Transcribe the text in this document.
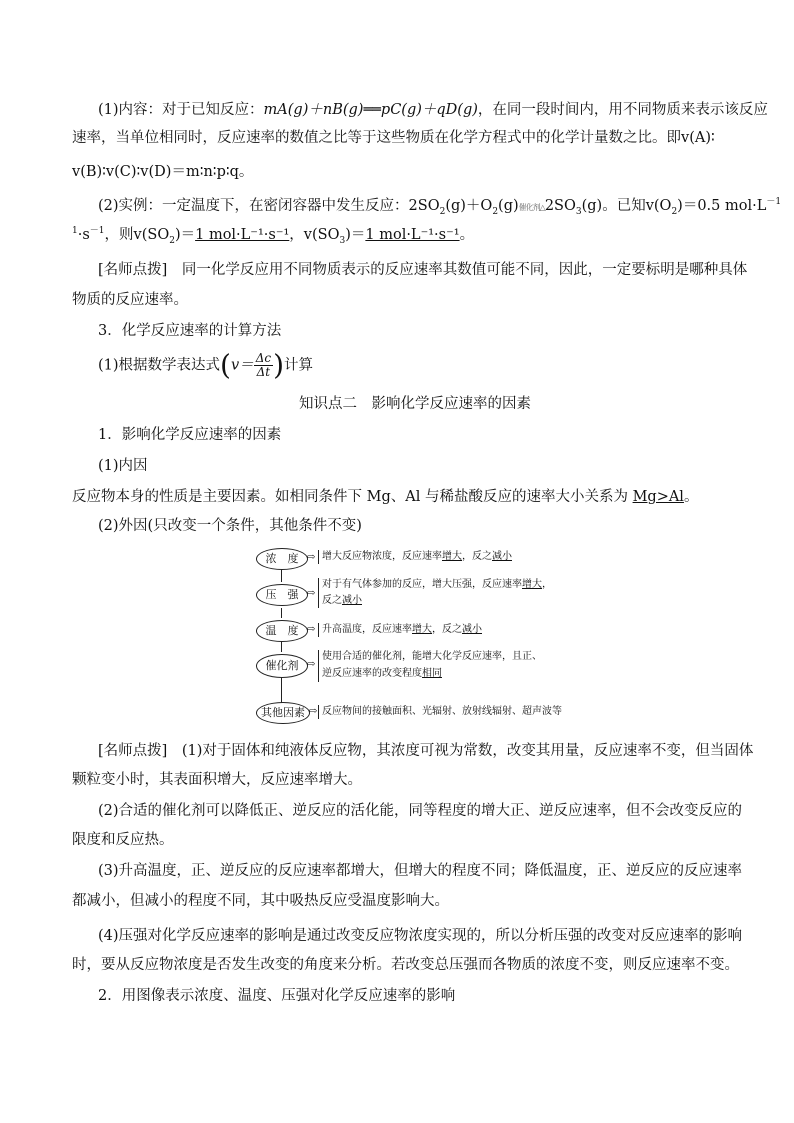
(1)内容：对于已知反应：mA(g)＋nB(g)══pC(g)＋qD(g)，在同一段时间内，用不同物质来表示该反应
速率，当单位相同时，反应速率的数值之比等于这些物质在化学方程式中的化学计量数之比。即v(A)∶
v(B)∶v(C)∶v(D)＝m∶n∶p∶q。
(2)实例：一定温度下，在密闭容器中发生反应：$2SO_2(g)+O_2(g)$催化剂$\triangle 2SO_3(g)$。已知$v(O_2)=0.5$ $mol\cdot L^{-1}$
$^1\cdot s^{-1}$，则$v(SO_2)=1$ mol·L⁻¹·s⁻¹，$v(SO_3)=1$ mol·L⁻¹·s⁻¹。
[名师点拨]　同一化学反应用不同物质表示的反应速率其数值可能不同，因此，一定要标明是哪种具体
物质的反应速率。
3．化学反应速率的计算方法
(1)根据数学表达式($v= \frac{\Delta c}{\Delta t}$ )计算
知识点二　影响化学反应速率的因素
1．影响化学反应速率的因素
(1)内因
反应物本身的性质是主要因素。如相同条件下 Mg、Al 与稀盐酸反应的速率大小关系为 Mg>Al。
(2)外因(只改变一个条件，其他条件不变)
浓　度 ⇨ 增大反应物浓度，反应速率增大，反之减小
压　强 ⇨
对于有气体参加的反应，增大压强，反应速率增大，
反之减小
温　度 ⇨ 升高温度，反应速率增大，反之减小
催化剂 ⇨
使用合适的催化剂，能增大化学反应速率，且正、
逆反应速率的改变程度相同
其他因素 ⇨ 反应物间的接触面积、光辐射、放射线辐射、超声波等
[名师点拨]　(1)对于固体和纯液体反应物，其浓度可视为常数，改变其用量，反应速率不变，但当固体
颗粒变小时，其表面积增大，反应速率增大。
(2)合适的催化剂可以降低正、逆反应的活化能，同等程度的增大正、逆反应速率，但不会改变反应的
限度和反应热。
(3)升高温度，正、逆反应的反应速率都增大，但增大的程度不同；降低温度，正、逆反应的反应速率
都减小，但减小的程度不同，其中吸热反应受温度影响大。
(4)压强对化学反应速率的影响是通过改变反应物浓度实现的，所以分析压强的改变对反应速率的影响
时，要从反应物浓度是否发生改变的角度来分析。若改变总压强而各物质的浓度不变，则反应速率不变。
2．用图像表示浓度、温度、压强对化学反应速率的影响
